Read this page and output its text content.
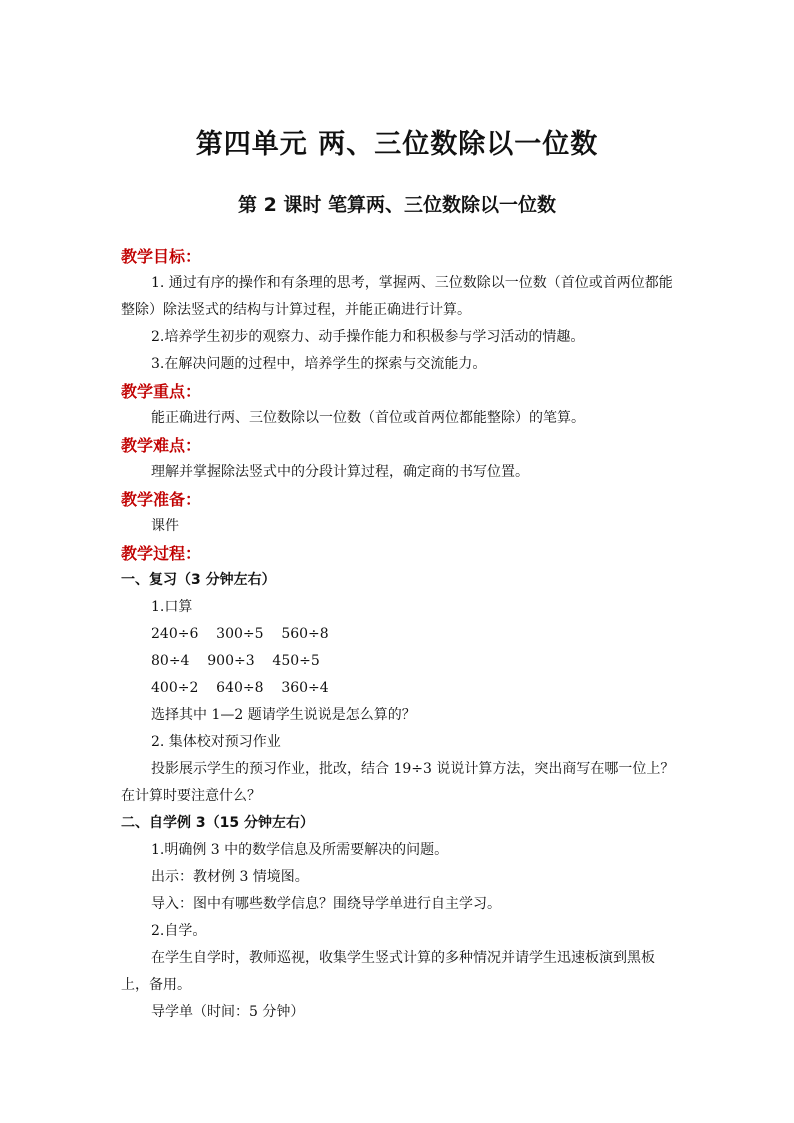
第四单元 两、三位数除以一位数
第 2 课时 笔算两、三位数除以一位数
教学目标：
1. 通过有序的操作和有条理的思考，掌握两、三位数除以一位数（首位或首两位都能整除）除法竖式的结构与计算过程，并能正确进行计算。
2.培养学生初步的观察力、动手操作能力和积极参与学习活动的情趣。
3.在解决问题的过程中，培养学生的探索与交流能力。
教学重点：
能正确进行两、三位数除以一位数（首位或首两位都能整除）的笔算。
教学难点：
理解并掌握除法竖式中的分段计算过程，确定商的书写位置。
教学准备：
课件
教学过程：
一、复习（3 分钟左右）
1.口算
240÷6    300÷5    560÷8
80÷4    900÷3    450÷5
400÷2    640÷8    360÷4
选择其中 1—2 题请学生说说是怎么算的？
2. 集体校对预习作业
投影展示学生的预习作业，批改，结合 19÷3 说说计算方法，突出商写在哪一位上？在计算时要注意什么？
二、自学例 3（15 分钟左右）
1.明确例 3 中的数学信息及所需要解决的问题。
出示：教材例 3 情境图。
导入：图中有哪些数学信息？围绕导学单进行自主学习。
2.自学。
在学生自学时，教师巡视，收集学生竖式计算的多种情况并请学生迅速板演到黑板上，备用。
导学单（时间：5 分钟）
